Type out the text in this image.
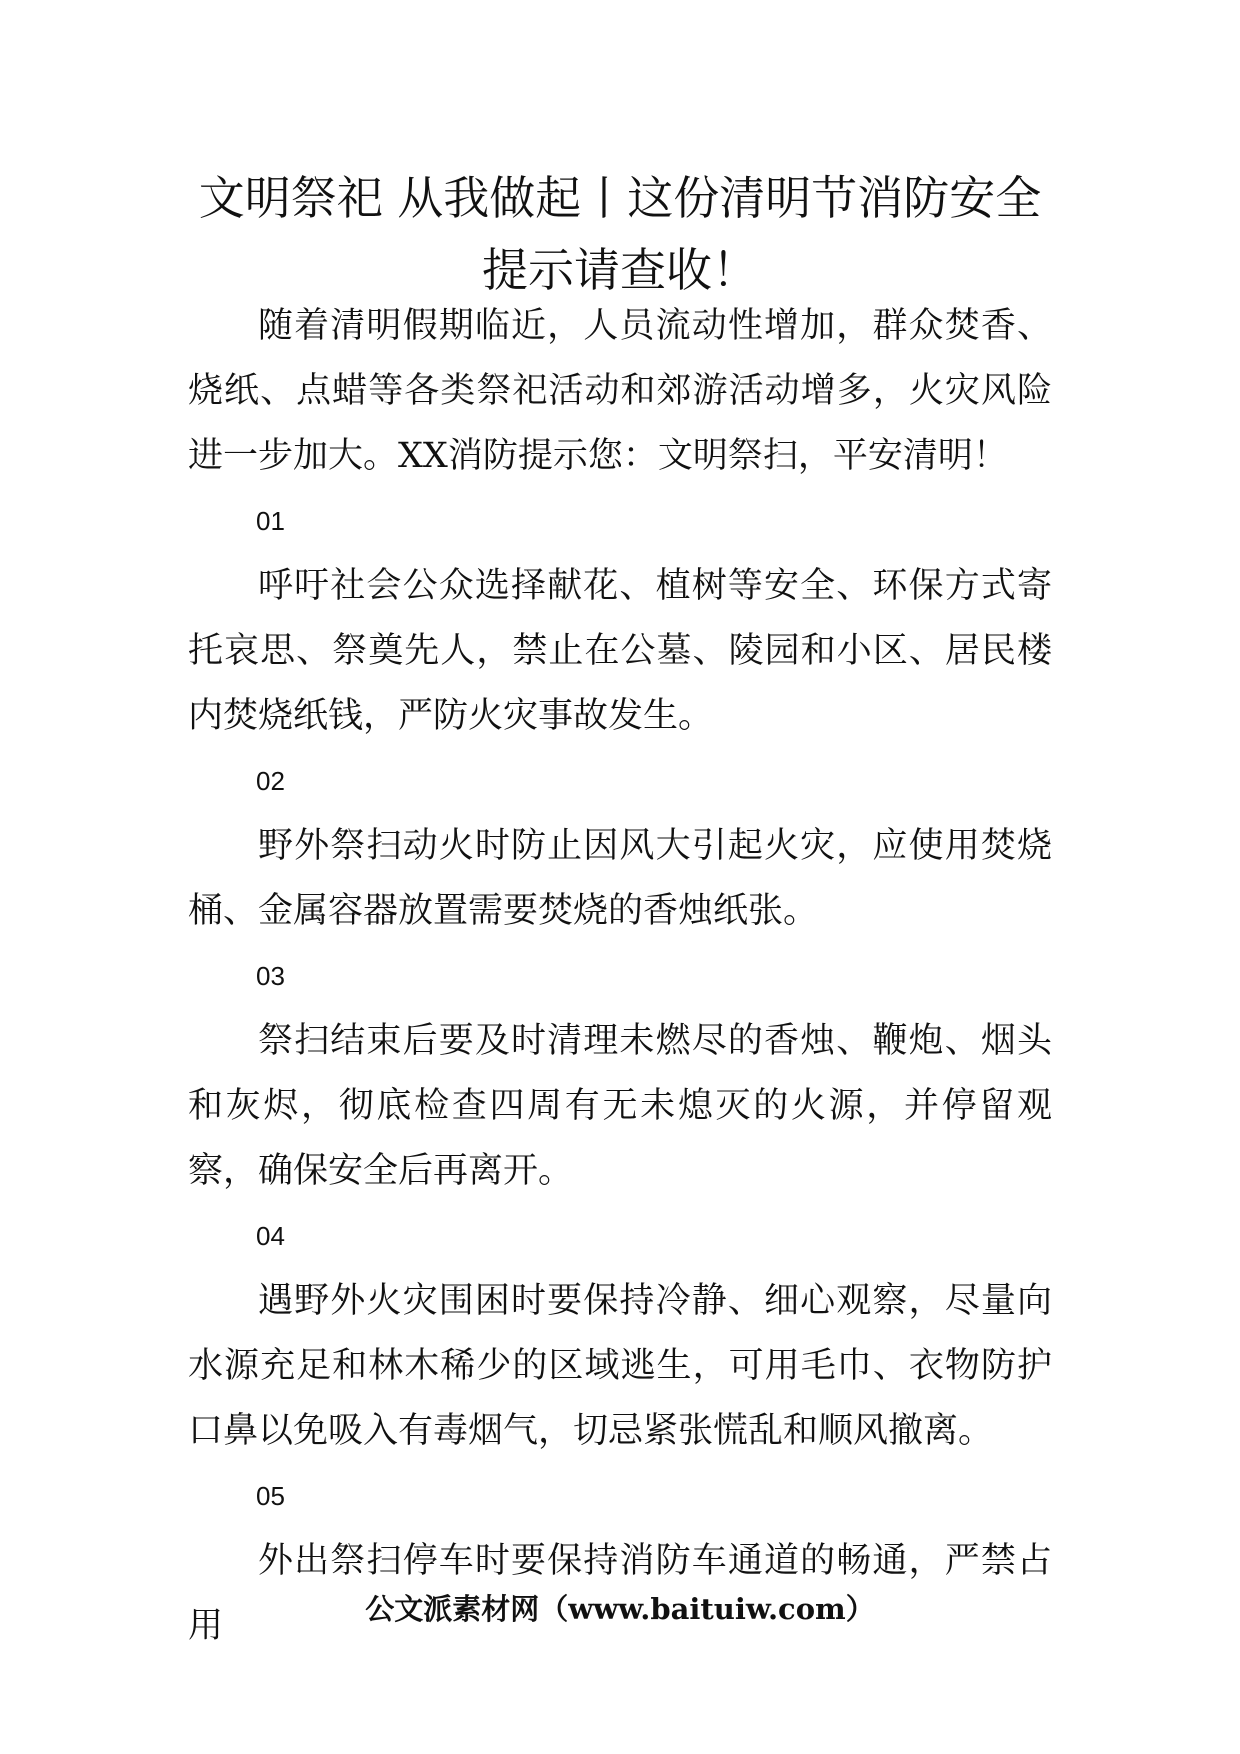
文明祭祀 从我做起丨这份清明节消防安全提示请查收！

随着清明假期临近，人员流动性增加，群众焚香、烧纸、点蜡等各类祭祀活动和郊游活动增多，火灾风险进一步加大。XX消防提示您：文明祭扫，平安清明！

01

呼吁社会公众选择献花、植树等安全、环保方式寄托哀思、祭奠先人，禁止在公墓、陵园和小区、居民楼内焚烧纸钱，严防火灾事故发生。

02

野外祭扫动火时防止因风大引起火灾，应使用焚烧桶、金属容器放置需要焚烧的香烛纸张。

03

祭扫结束后要及时清理未燃尽的香烛、鞭炮、烟头和灰烬，彻底检查四周有无未熄灭的火源，并停留观察，确保安全后再离开。

04

遇野外火灾围困时要保持冷静、细心观察，尽量向水源充足和林木稀少的区域逃生，可用毛巾、衣物防护口鼻以免吸入有毒烟气，切忌紧张慌乱和顺风撤离。

05

外出祭扫停车时要保持消防车通道的畅通，严禁占用	公文派素材网（www.baituiw.com）
